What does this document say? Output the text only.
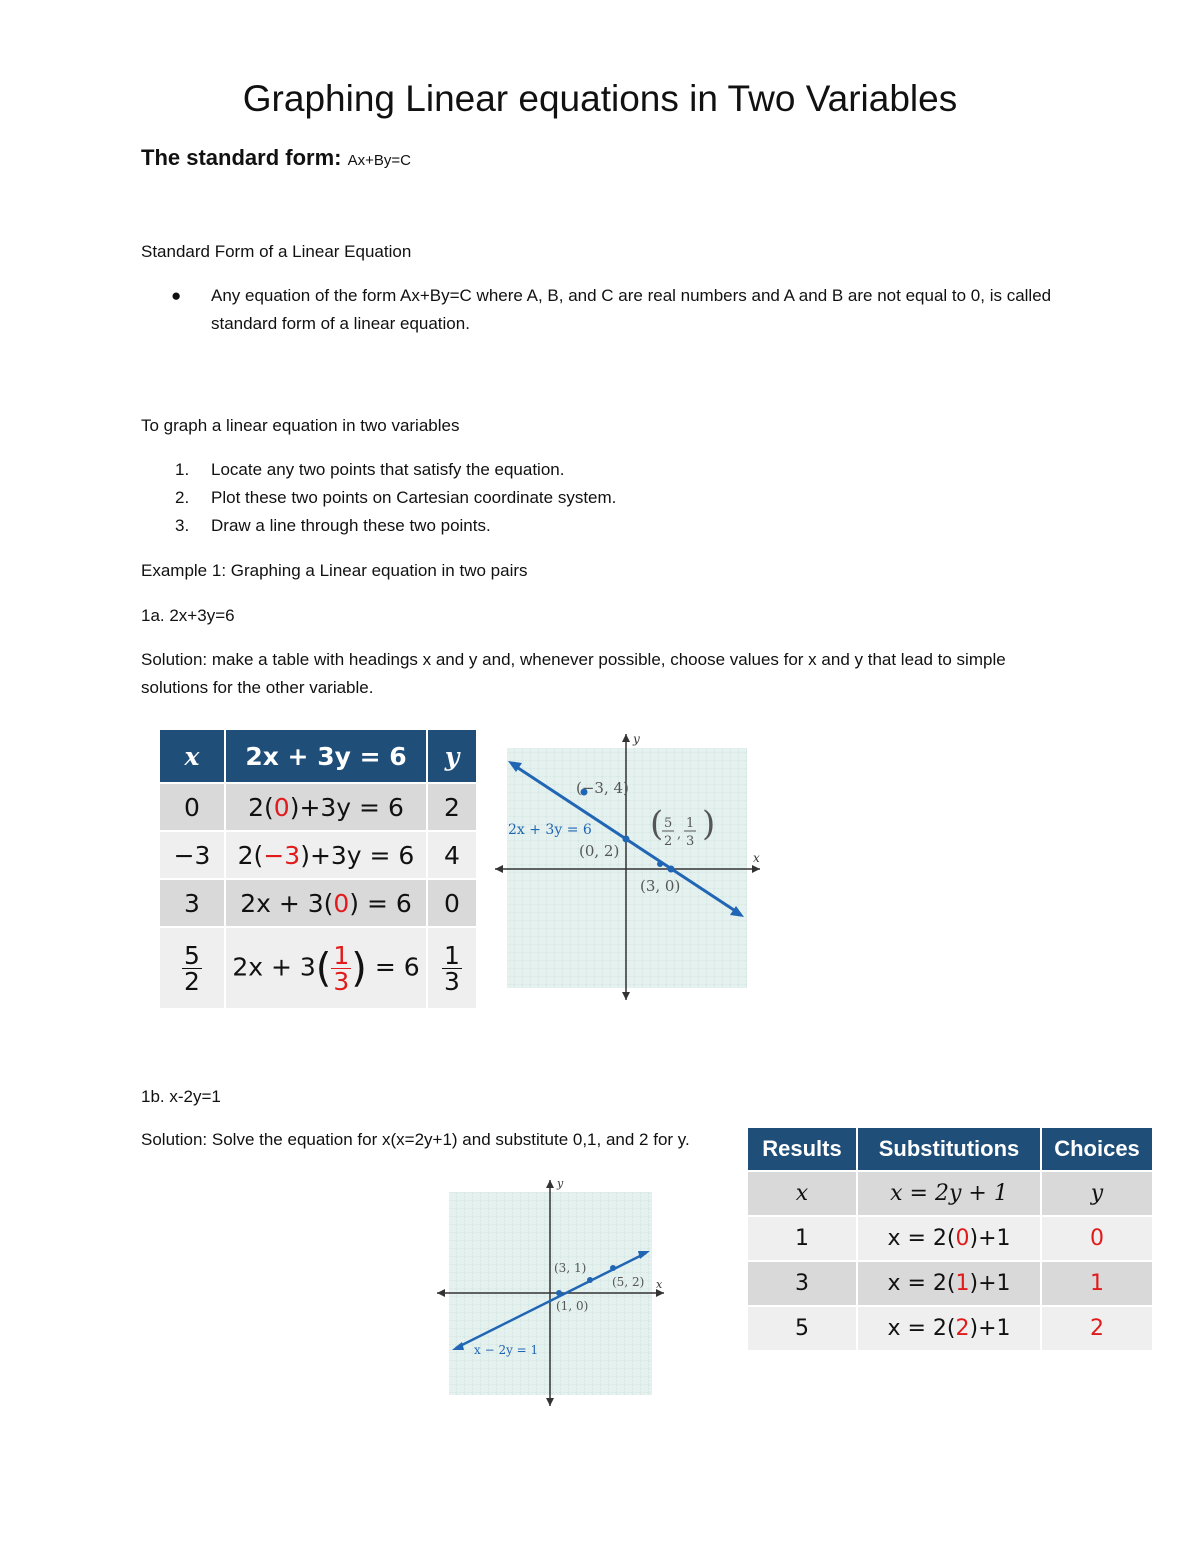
Graphing Linear equations in Two Variables
The standard form: Ax+By=C
Standard Form of a Linear Equation
● Any equation of the form Ax+By=C where A, B, and C are real numbers and A and B are not equal to 0, is called standard form of a linear equation.
To graph a linear equation in two variables
1. Locate any two points that satisfy the equation.
2. Plot these two points on Cartesian coordinate system.
3. Draw a line through these two points.
Example 1: Graphing a Linear equation in two pairs
1a. 2x+3y=6
Solution: make a table with headings x and y and, whenever possible, choose values for x and y that lead to simple solutions for the other variable.
x	2x + 3y = 6	y
0	2(0)+3y = 6	2
−3	2(−3)+3y = 6	4
3	2x + 3(0) = 6	0

$\frac{5}{2}$	$2x + 3( \frac{1}{3}$ ) = 6	$\frac{1}{3}$
y
x
(−3, 4)
2x + 3y = 6
(0, 2)
(3, 0)
( )
5
2 ,
1
3
1b. x-2y=1
Solution: Solve the equation for x(x=2y+1) and substitute 0,1, and 2 for y.
y
x
(3, 1)
(5, 2)
(1, 0)
x − 2y = 1
Results	Substitutions	Choices
x	x = 2y + 1	y
1	x = 2(0)+1	0
3	x = 2(1)+1	1
5	x = 2(2)+1	2
